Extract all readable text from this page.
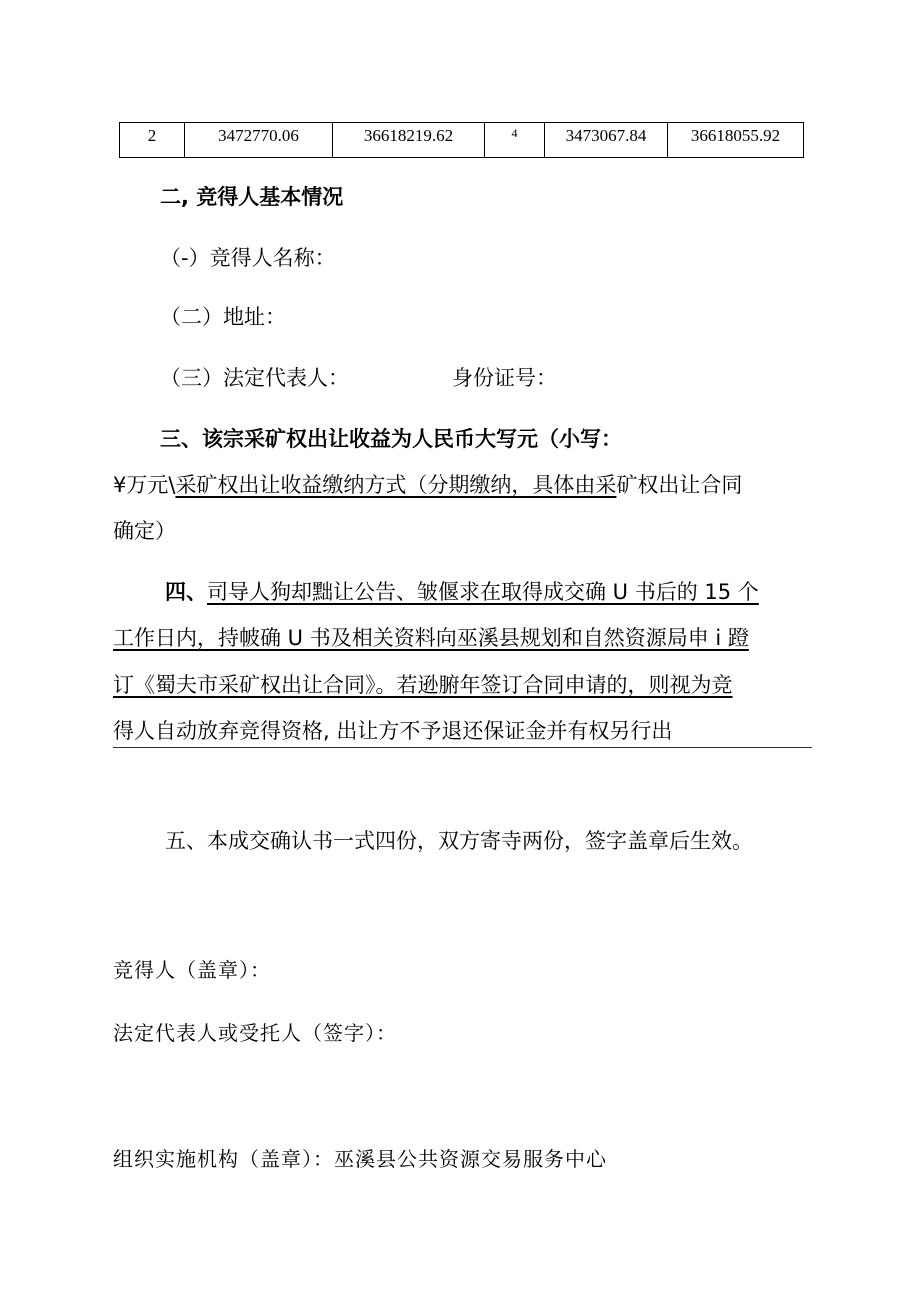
2	3472770.06	36618219.62	4	3473067.84	36618055.92
二, 竞得人基本情况
（-）竞得人名称：
（二）地址：
（三）法定代表人：	身份证号：
三、该宗采矿权出让收益为人民币大写元（小写：
¥万元\采矿权出让收益缴纳方式（分期缴纳，具体由采矿权出让合同
确定）
四、司导人狗却黜让公告、皱偃求在取得成交确 U 书后的 15 个
工作日内，持帔确 U 书及相关资料向巫溪县规划和自然资源局申 i 蹬
订《蜀夫市采矿权出让合同》。若逊腑年签订合同申请的，则视为竞
得人自动放弃竞得资格, 出让方不予退还保证金并有权另行出
五、本成交确认书一式四份，双方寄寺两份，签字盖章后生效。
竞得人（盖章）：
法定代表人或受托人（签字）：
组织实施机构（盖章）：巫溪县公共资源交易服务中心
